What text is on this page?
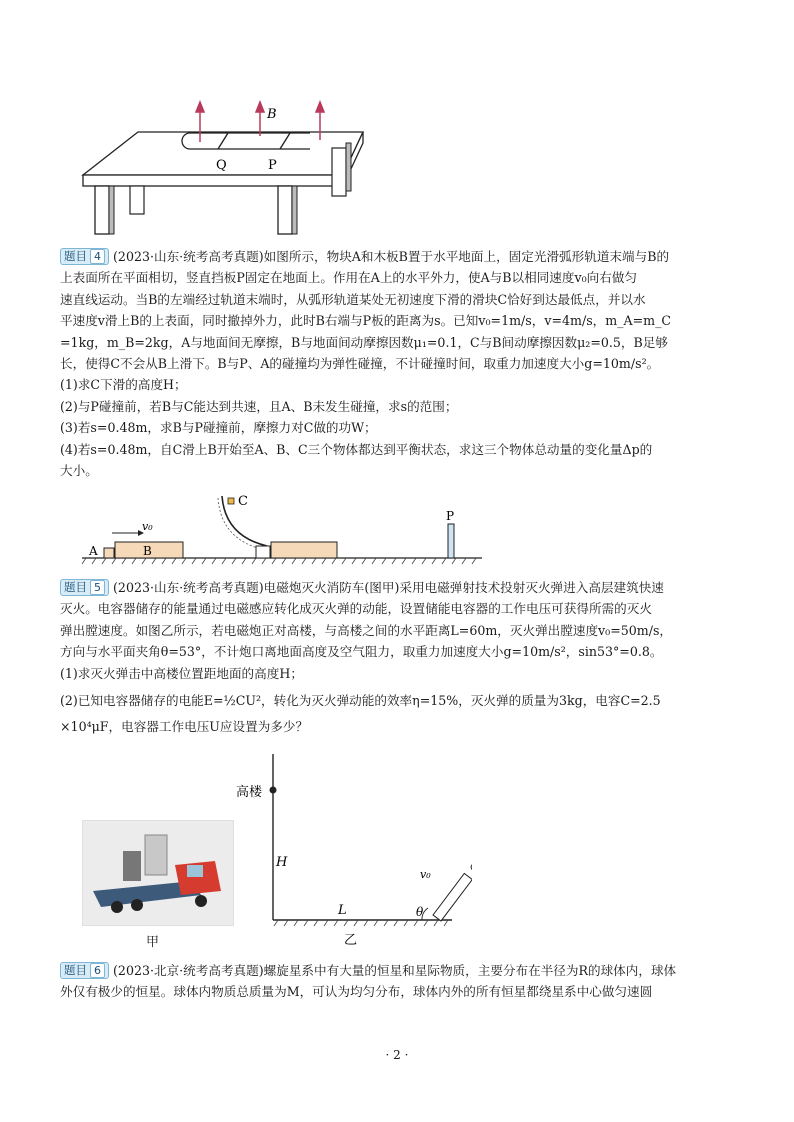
B
Q	P
题目 4 (2023·山东·统考高考真题)如图所示，物块A和木板B置于水平地面上，固定光滑弧形轨道末端与B的
上表面所在平面相切，竖直挡板P固定在地面上。作用在A上的水平外力，使A与B以相同速度v₀向右做匀
速直线运动。当B的左端经过轨道末端时，从弧形轨道某处无初速度下滑的滑块C恰好到达最低点，并以水
平速度v滑上B的上表面，同时撤掉外力，此时B右端与P板的距离为s。已知v₀=1m/s，v=4m/s，m_A=m_C
=1kg，m_B=2kg，A与地面间无摩擦，B与地面间动摩擦因数μ₁=0.1，C与B间动摩擦因数μ₂=0.5，B足够
长，使得C不会从B上滑下。B与P、A的碰撞均为弹性碰撞，不计碰撞时间，取重力加速度大小g=10m/s²。
(1)求C下滑的高度H；
(2)与P碰撞前，若B与C能达到共速，且A、B未发生碰撞，求s的范围；
(3)若s=0.48m，求B与P碰撞前，摩擦力对C做的功W；
(4)若s=0.48m，自C滑上B开始至A、B、C三个物体都达到平衡状态，求这三个物体总动量的变化量Δp的
大小。
A	B
v₀
C
P
题目 5 (2023·山东·统考高考真题)电磁炮灭火消防车(图甲)采用电磁弹射技术投射灭火弹进入高层建筑快速
灭火。电容器储存的能量通过电磁感应转化成灭火弹的动能，设置储能电容器的工作电压可获得所需的灭火
弹出膛速度。如图乙所示，若电磁炮正对高楼，与高楼之间的水平距离L=60m，灭火弹出膛速度v₀=50m/s，
方向与水平面夹角θ=53°，不计炮口离地面高度及空气阻力，取重力加速度大小g=10m/s²，sin53°=0.8。
(1)求灭火弹击中高楼位置距地面的高度H；
(2)已知电容器储存的电能E=½CU²，转化为灭火弹动能的效率η=15%，灭火弹的质量为3kg，电容C=2.5
×10⁴μF，电容器工作电压U应设置为多少？
甲
高楼
H
L	θ
v₀
乙
题目 6 (2023·北京·统考高考真题)螺旋星系中有大量的恒星和星际物质，主要分布在半径为R的球体内，球体
外仅有极少的恒星。球体内物质总质量为M，可认为均匀分布，球体内外的所有恒星都绕星系中心做匀速圆
· 2 ·
